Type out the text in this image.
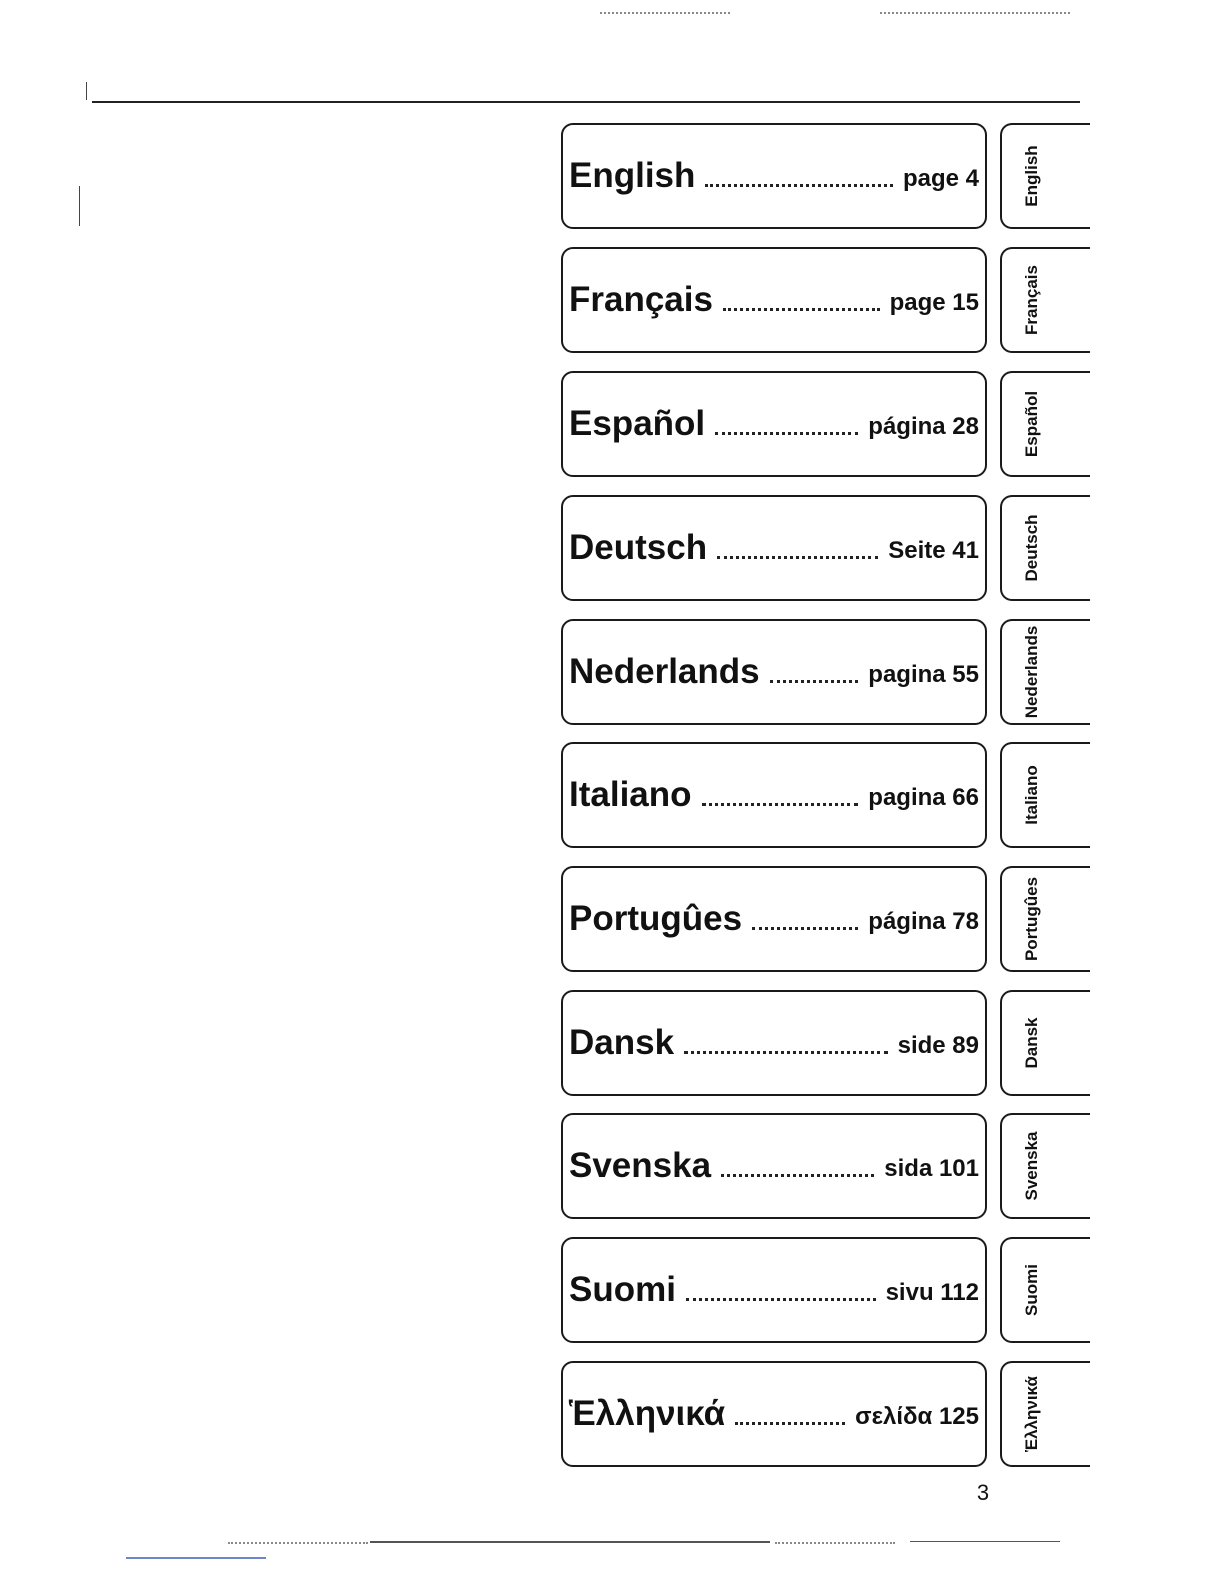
English	page 4	English
Français	page 15	Français
Español	página 28	Español
Deutsch	Seite 41	Deutsch
Nederlands	pagina 55	Nederlands
Italiano	pagina 66	Italiano
Portugûes	página 78	Portugûes
Dansk	side 89	Dansk
Svenska	sida 101	Svenska
Suomi	sivu 112	Suomi
Ἑλληνικά	σελίδα 125	Ἑλληνικά
3
